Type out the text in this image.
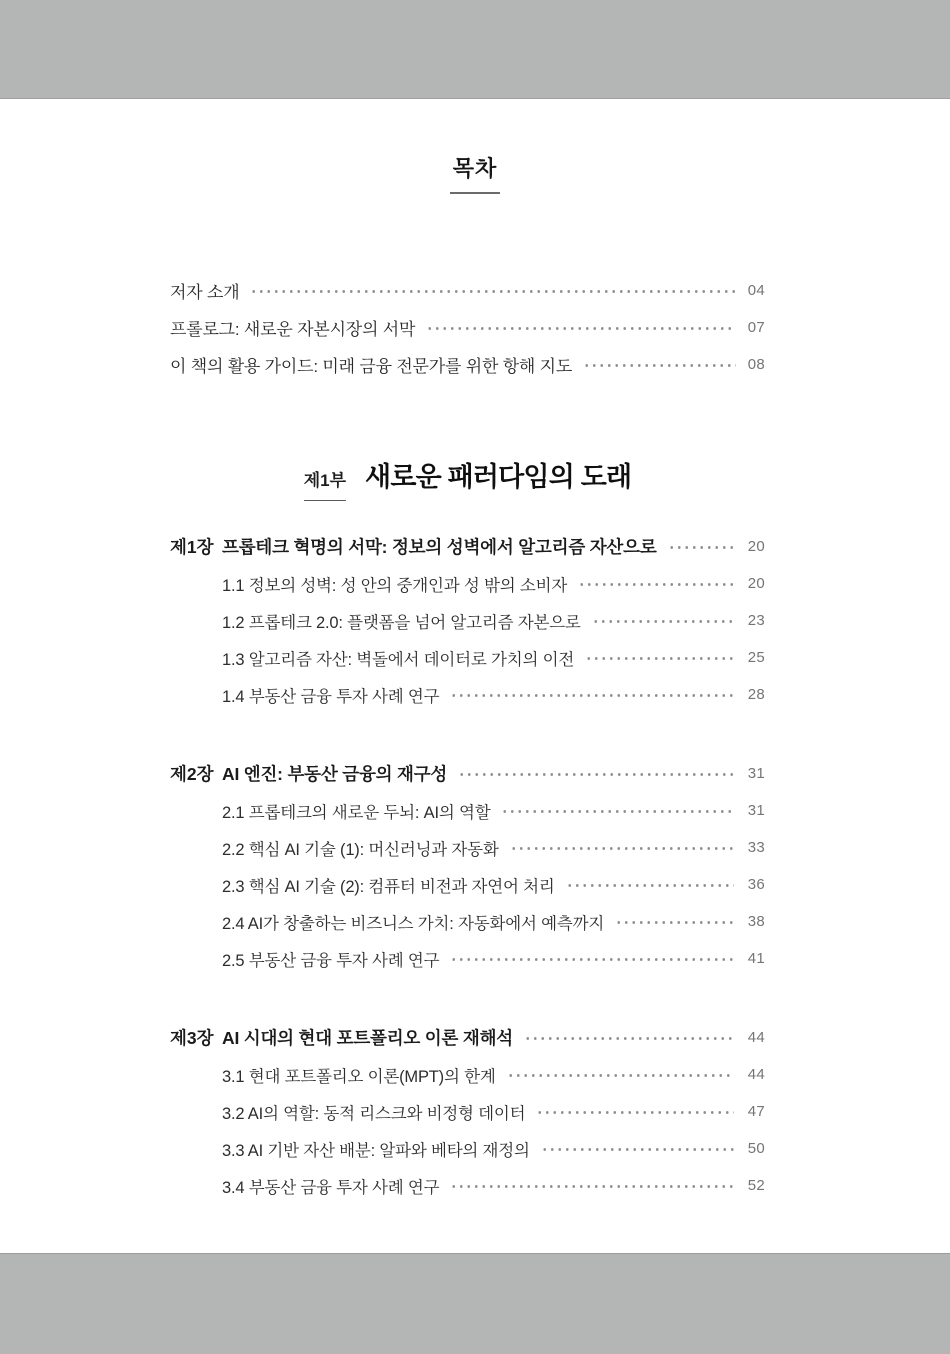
목차
저자 소개	04
프롤로그: 새로운 자본시장의 서막	07
이 책의 활용 가이드: 미래 금융 전문가를 위한 항해 지도	08
제1부 새로운 패러다임의 도래
제1장 프롭테크 혁명의 서막: 정보의 성벽에서 알고리즘 자산으로	20
1.1 정보의 성벽: 성 안의 중개인과 성 밖의 소비자	20
1.2 프롭테크 2.0: 플랫폼을 넘어 알고리즘 자본으로	23
1.3 알고리즘 자산: 벽돌에서 데이터로 가치의 이전	25
1.4 부동산 금융 투자 사례 연구	28
제2장 AI 엔진: 부동산 금융의 재구성	31
2.1 프롭테크의 새로운 두뇌: AI의 역할	31
2.2 핵심 AI 기술 (1): 머신러닝과 자동화	33
2.3 핵심 AI 기술 (2): 컴퓨터 비전과 자연어 처리	36
2.4 AI가 창출하는 비즈니스 가치: 자동화에서 예측까지	38
2.5 부동산 금융 투자 사례 연구	41
제3장 AI 시대의 현대 포트폴리오 이론 재해석	44
3.1 현대 포트폴리오 이론(MPT)의 한계	44
3.2 AI의 역할: 동적 리스크와 비정형 데이터	47
3.3 AI 기반 자산 배분: 알파와 베타의 재정의	50
3.4 부동산 금융 투자 사례 연구	52
